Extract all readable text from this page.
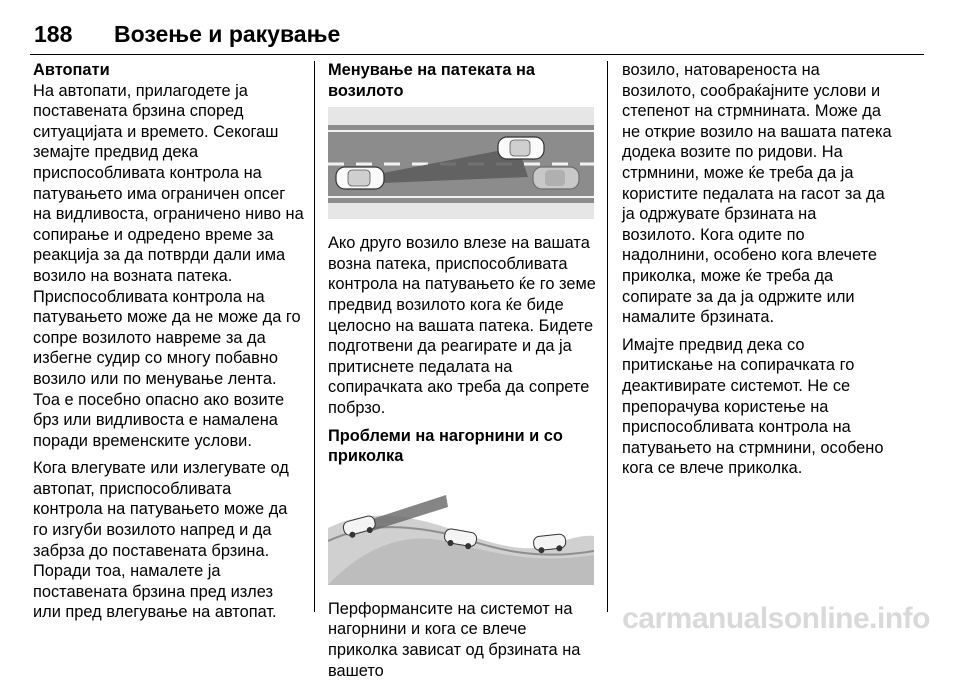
188 Возење и ракување

Автопати

На автопати, прилагодете ја поставената брзина според ситуацијата и времето. Секогаш земајте предвид дека приспособливата контрола на патувањето има ограничен опсег на видливоста, ограничено ниво на сопирање и одредено време за реакција за да потврди дали има возило на возната патека. Приспособливата контрола на патувањето може да не може да го сопре возилото навреме за да избегне судир со многу побавно возило или по менување лента. Тоа е посебно опасно ако возите брз или видливоста е намалена поради временските услови.

Кога влегувате или излегувате од автопат, приспособливата контрола на патувањето може да го изгуби возилото напред и да забрза до поставената брзина. Поради тоа, намалете ја поставената брзина пред излез или пред влегување на автопат.

Менување на патеката на возилото

Ако друго возило влезе на вашата возна патека, приспособливата контрола на патувањето ќе го земе предвид возилото кога ќе биде целосно на вашата патека. Бидете подготвени да реагирате и да ја притиснете педалата на сопирачката ако треба да сопрете побрзо.

Проблеми на нагорнини и со приколка

Перформансите на системот на нагорнини и кога се влече приколка зависат од брзината на вашето

возило, натовареноста на возилото, сообраќајните услови и степенот на стрмнината. Може да не открие возило на вашата патека додека возите по ридови. На стрмнини, може ќе треба да ја користите педалата на гасот за да ја одржувате брзината на возилото. Кога одите по надолнини, особено кога влечете приколка, може ќе треба да сопирате за да ја одржите или намалите брзината.

Имајте предвид дека со притискање на сопирачката го деактивирате системот. Не се препорачува користење на приспособливата контрола на патувањето на стрмнини, особено кога се влече приколка.

carmanualsonline.info
